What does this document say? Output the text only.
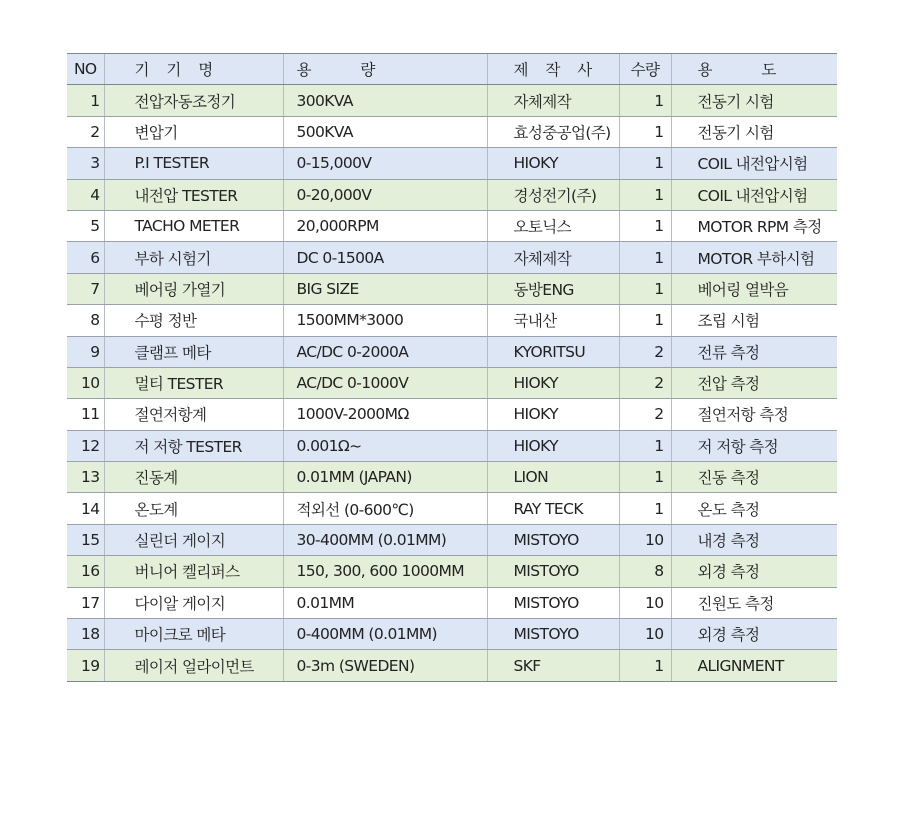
NO	기 기 명	용 량	제 작 사	수량	용 도
1	전압자동조정기	300KVA	자체제작	1	전동기 시험
2	변압기	500KVA	효성중공업(주)	1	전동기 시험
3	P.I TESTER	0-15,000V	HIOKY	1	COIL 내전압시험
4	내전압 TESTER	0-20,000V	경성전기(주)	1	COIL 내전압시험
5	TACHO METER	20,000RPM	오토닉스	1	MOTOR RPM 측정
6	부하 시험기	DC 0-1500A	자체제작	1	MOTOR 부하시험
7	베어링 가열기	BIG SIZE	동방ENG	1	베어링 열박음
8	수평 정반	1500MM*3000	국내산	1	조립 시험
9	클램프 메타	AC/DC 0-2000A	KYORITSU	2	전류 측정
10	멀티 TESTER	AC/DC 0-1000V	HIOKY	2	전압 측정
11	절연저항계	1000V-2000MΩ	HIOKY	2	절연저항 측정
12	저 저항 TESTER	0.001Ω~	HIOKY	1	저 저항 측정
13	진동계	0.01MM (JAPAN)	LION	1	진동 측정
14	온도계	적외선 (0-600℃)	RAY TECK	1	온도 측정
15	실린더 게이지	30-400MM (0.01MM)	MISTOYO	10	내경 측정
16	버니어 켈리퍼스	150, 300, 600 1000MM	MISTOYO	8	외경 측정
17	다이알 게이지	0.01MM	MISTOYO	10	진원도 측정
18	마이크로 메타	0-400MM (0.01MM)	MISTOYO	10	외경 측정
19	레이저 얼라이먼트	0-3m (SWEDEN)	SKF	1	ALIGNMENT
